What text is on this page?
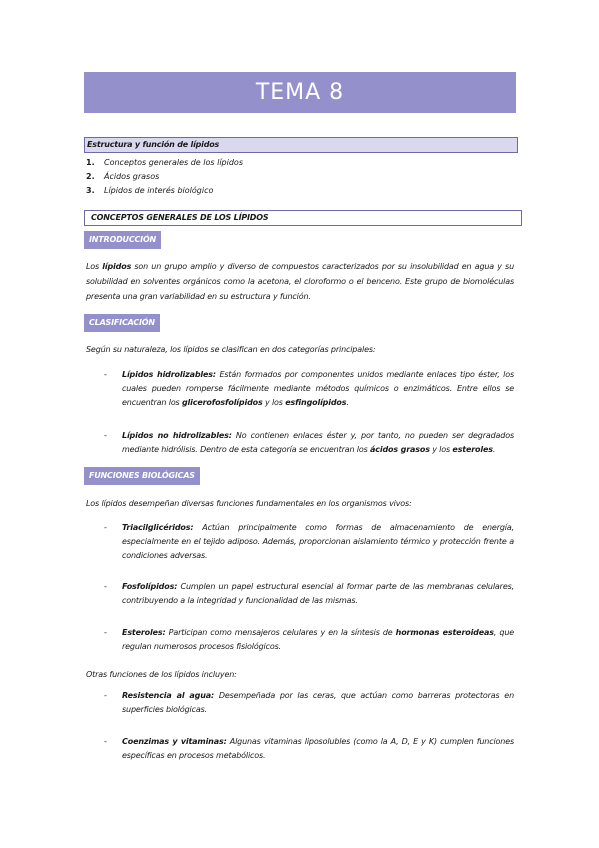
TEMA 8
Estructura y función de lípidos
1.	Conceptos generales de los lípidos
2.	Ácidos grasos
3.	Lípidos de interés biológico
CONCEPTOS GENERALES DE LOS LÍPIDOS
INTRODUCCIÓN
Los lípidos son un grupo amplio y diverso de compuestos caracterizados por su insolubilidad en agua y su solubilidad en solventes orgánicos como la acetona, el cloroformo o el benceno. Este grupo de biomoléculas presenta una gran variabilidad en su estructura y función.
CLASIFICACIÓN
Según su naturaleza, los lípidos se clasifican en dos categorías principales:
- Lípidos hidrolizables: Están formados por componentes unidos mediante enlaces tipo éster, los cuales pueden romperse fácilmente mediante métodos químicos o enzimáticos. Entre ellos se encuentran los glicerofosfolípidos y los esfingolípidos.
- Lípidos no hidrolizables: No contienen enlaces éster y, por tanto, no pueden ser degradados mediante hidrólisis. Dentro de esta categoría se encuentran los ácidos grasos y los esteroles.
FUNCIONES BIOLÓGICAS
Los lípidos desempeñan diversas funciones fundamentales en los organismos vivos:
- Triacilglicéridos: Actúan principalmente como formas de almacenamiento de energía, especialmente en el tejido adiposo. Además, proporcionan aislamiento térmico y protección frente a condiciones adversas.
- Fosfolípidos: Cumplen un papel estructural esencial al formar parte de las membranas celulares, contribuyendo a la integridad y funcionalidad de las mismas.
- Esteroles: Participan como mensajeros celulares y en la síntesis de hormonas esteroideas, que regulan numerosos procesos fisiológicos.
Otras funciones de los lípidos incluyen:
- Resistencia al agua: Desempeñada por las ceras, que actúan como barreras protectoras en superficies biológicas.
- Coenzimas y vitaminas: Algunas vitaminas liposolubles (como la A, D, E y K) cumplen funciones específicas en procesos metabólicos.
